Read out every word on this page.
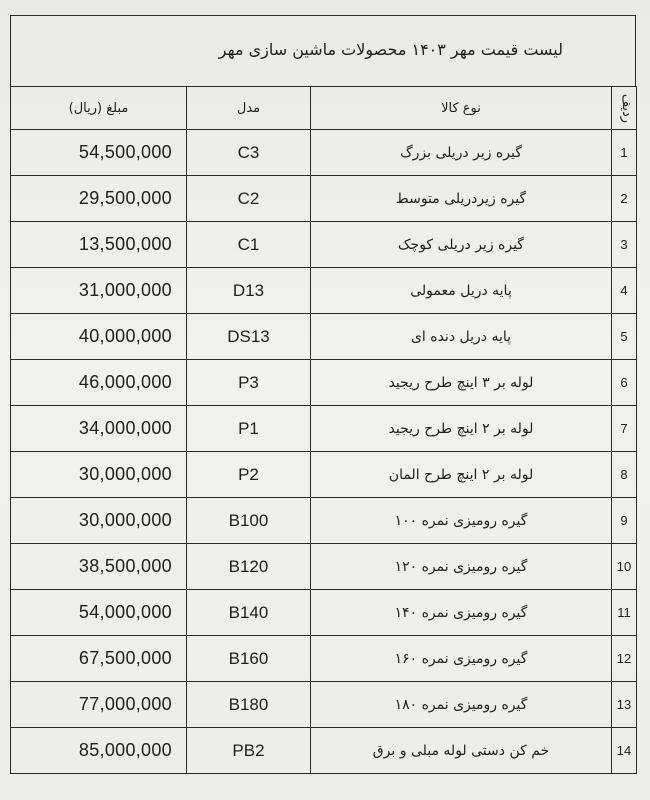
لیست قیمت مهر ۱۴۰۳ محصولات ماشین سازی مهر
مبلغ (ریال)	مدل	نوع کالا	ردیف
54,500,000	C3	گیره زیر دریلی بزرگ	1
29,500,000	C2	گیره زیردریلی متوسط	2
13,500,000	C1	گیره زیر دریلی کوچک	3
31,000,000	D13	پایه دریل معمولی	4
40,000,000	DS13	پایه دریل دنده ای	5
46,000,000	P3	لوله بر ۳ اینچ طرح ریجید	6
34,000,000	P1	لوله بر ۲ اینچ طرح ریجید	7
30,000,000	P2	لوله بر ۲ اینچ طرح المان	8
30,000,000	B100	گیره رومیزی نمره ۱۰۰	9
38,500,000	B120	گیره رومیزی نمره ۱۲۰	10
54,000,000	B140	گیره رومیزی نمره ۱۴۰	11
67,500,000	B160	گیره رومیزی نمره ۱۶۰	12
77,000,000	B180	گیره رومیزی نمره ۱۸۰	13
85,000,000	PB2	خم کن دستی لوله مبلی و برق	14
